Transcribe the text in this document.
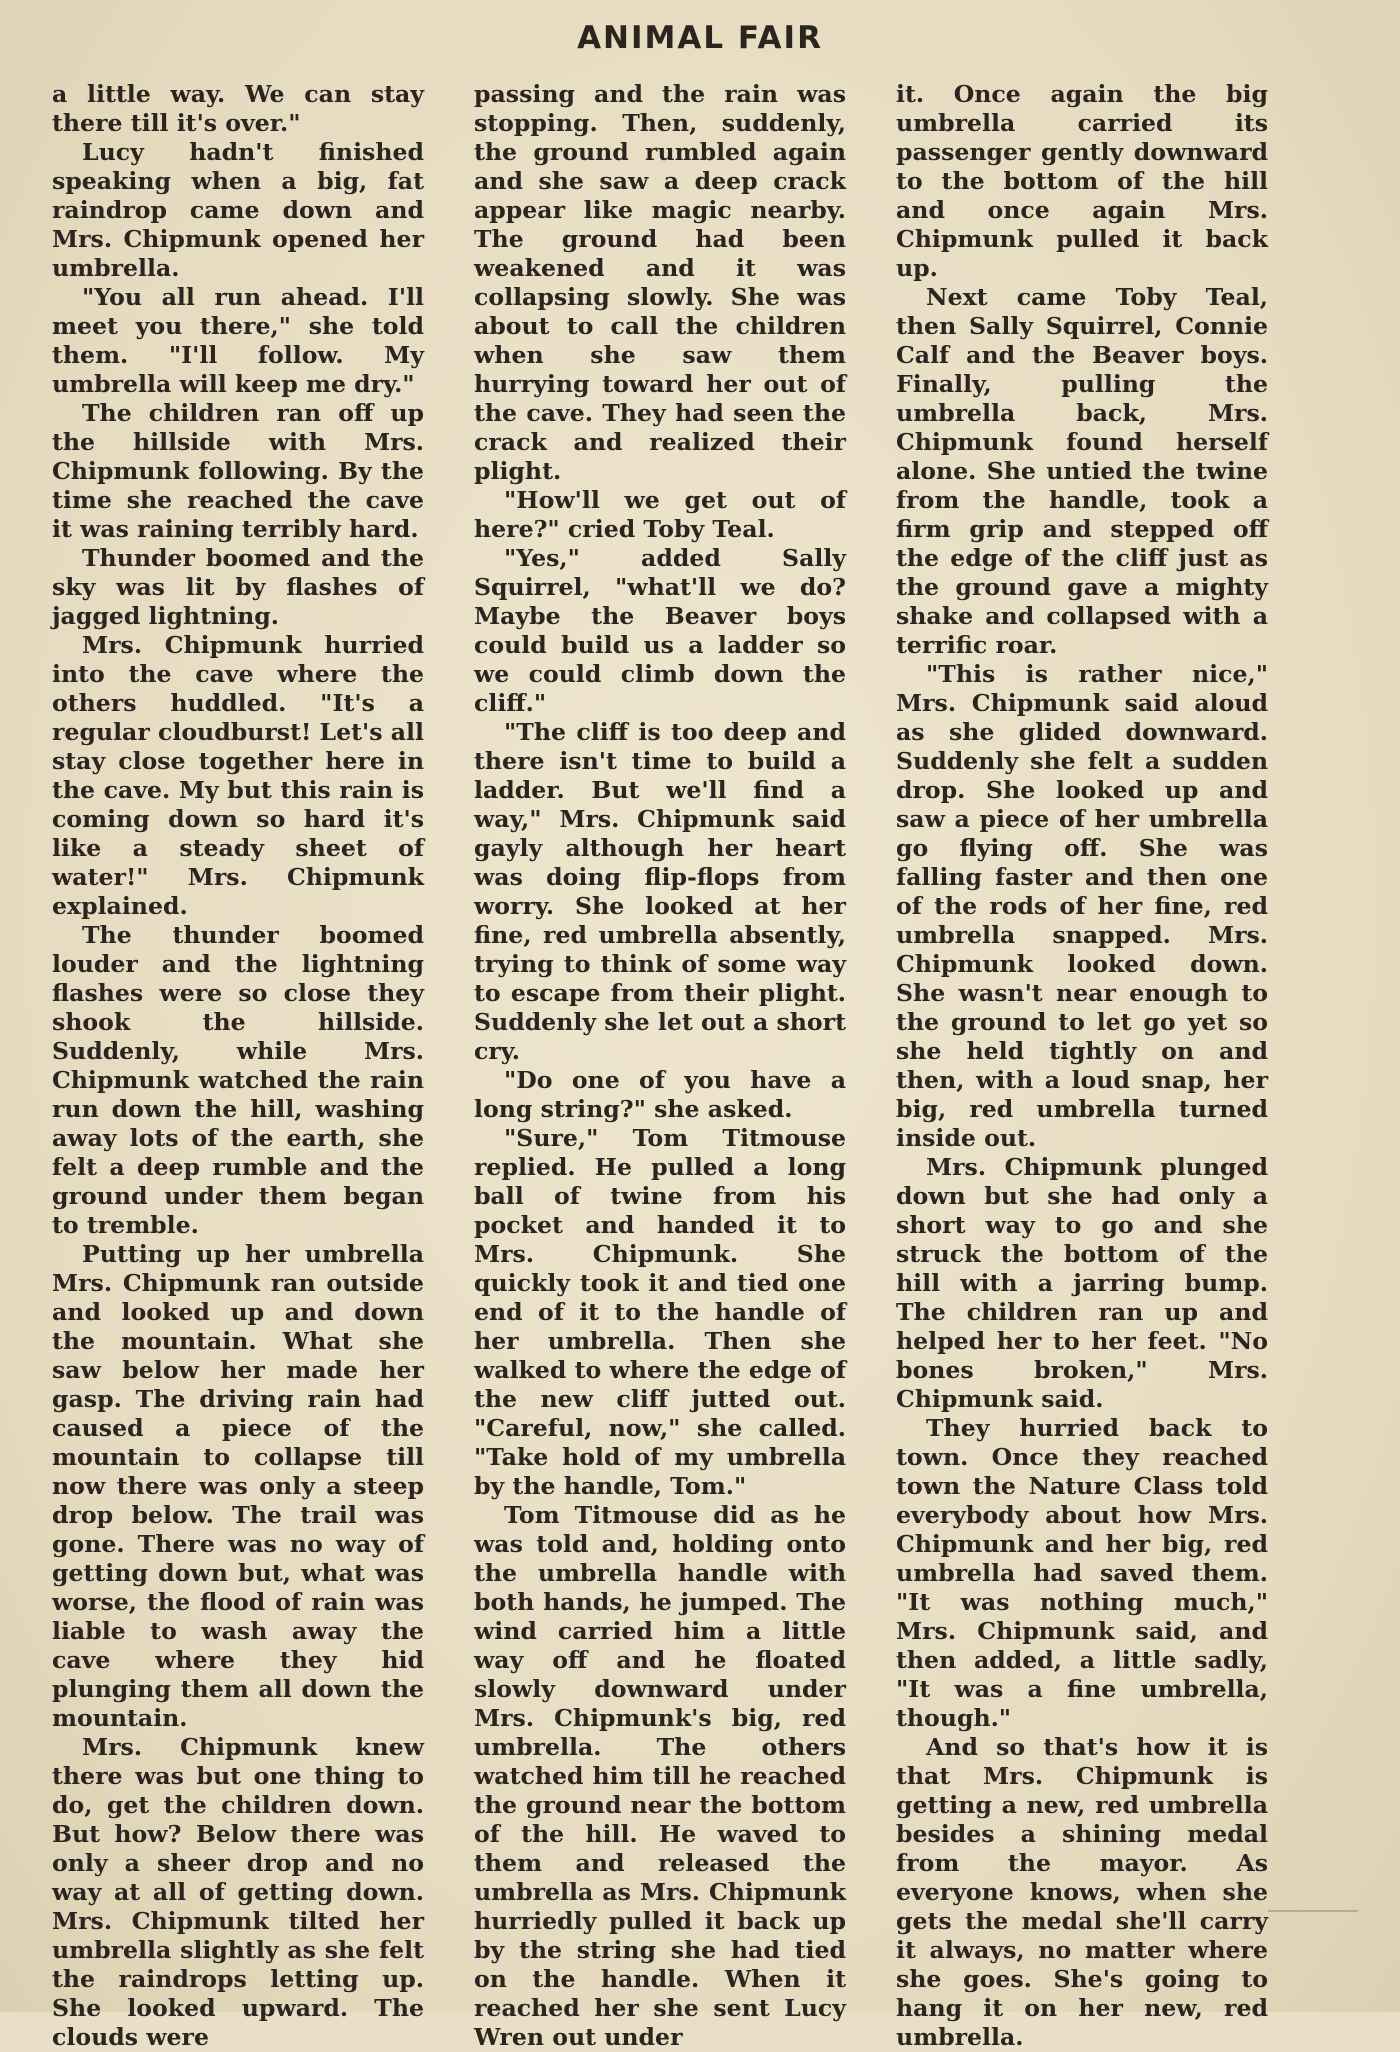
ANIMAL FAIR

a little way. We can stay there till it's over."

Lucy hadn't finished speaking when a big, fat raindrop came down and Mrs. Chipmunk opened her umbrella.

"You all run ahead. I'll meet you there," she told them. "I'll follow. My umbrella will keep me dry."

The children ran off up the hillside with Mrs. Chipmunk following. By the time she reached the cave it was raining terribly hard.

Thunder boomed and the sky was lit by flashes of jagged lightning.

Mrs. Chipmunk hurried into the cave where the others huddled. "It's a regular cloudburst! Let's all stay close together here in the cave. My but this rain is coming down so hard it's like a steady sheet of water!" Mrs. Chipmunk explained.

The thunder boomed louder and the lightning flashes were so close they shook the hillside. Suddenly, while Mrs. Chipmunk watched the rain run down the hill, washing away lots of the earth, she felt a deep rumble and the ground under them began to tremble.

Putting up her umbrella Mrs. Chipmunk ran outside and looked up and down the mountain. What she saw below her made her gasp. The driving rain had caused a piece of the mountain to collapse till now there was only a steep drop below. The trail was gone. There was no way of getting down but, what was worse, the flood of rain was liable to wash away the cave where they hid plunging them all down the mountain.

Mrs. Chipmunk knew there was but one thing to do, get the children down. But how? Below there was only a sheer drop and no way at all of getting down. Mrs. Chipmunk tilted her umbrella slightly as she felt the raindrops letting up. She looked upward. The clouds were

passing and the rain was stopping. Then, suddenly, the ground rumbled again and she saw a deep crack appear like magic nearby. The ground had been weakened and it was collapsing slowly. She was about to call the children when she saw them hurrying toward her out of the cave. They had seen the crack and realized their plight.

"How'll we get out of here?" cried Toby Teal.

"Yes," added Sally Squirrel, "what'll we do? Maybe the Beaver boys could build us a ladder so we could climb down the cliff."

"The cliff is too deep and there isn't time to build a ladder. But we'll find a way," Mrs. Chipmunk said gayly although her heart was doing flip-flops from worry. She looked at her fine, red umbrella absently, trying to think of some way to escape from their plight. Suddenly she let out a short cry.

"Do one of you have a long string?" she asked.

"Sure," Tom Titmouse replied. He pulled a long ball of twine from his pocket and handed it to Mrs. Chipmunk. She quickly took it and tied one end of it to the handle of her umbrella. Then she walked to where the edge of the new cliff jutted out. "Careful, now," she called. "Take hold of my umbrella by the handle, Tom."

Tom Titmouse did as he was told and, holding onto the umbrella handle with both hands, he jumped. The wind carried him a little way off and he floated slowly downward under Mrs. Chipmunk's big, red umbrella. The others watched him till he reached the ground near the bottom of the hill. He waved to them and released the umbrella as Mrs. Chipmunk hurriedly pulled it back up by the string she had tied on the handle. When it reached her she sent Lucy Wren out under

it. Once again the big umbrella carried its passenger gently downward to the bottom of the hill and once again Mrs. Chipmunk pulled it back up.

Next came Toby Teal, then Sally Squirrel, Connie Calf and the Beaver boys. Finally, pulling the umbrella back, Mrs. Chipmunk found herself alone. She untied the twine from the handle, took a firm grip and stepped off the edge of the cliff just as the ground gave a mighty shake and collapsed with a terrific roar.

"This is rather nice," Mrs. Chipmunk said aloud as she glided downward. Suddenly she felt a sudden drop. She looked up and saw a piece of her umbrella go flying off. She was falling faster and then one of the rods of her fine, red umbrella snapped. Mrs. Chipmunk looked down. She wasn't near enough to the ground to let go yet so she held tightly on and then, with a loud snap, her big, red umbrella turned inside out.

Mrs. Chipmunk plunged down but she had only a short way to go and she struck the bottom of the hill with a jarring bump. The children ran up and helped her to her feet. "No bones broken," Mrs. Chipmunk said.

They hurried back to town. Once they reached town the Nature Class told everybody about how Mrs. Chipmunk and her big, red umbrella had saved them. "It was nothing much," Mrs. Chipmunk said, and then added, a little sadly, "It was a fine umbrella, though."

And so that's how it is that Mrs. Chipmunk is getting a new, red umbrella besides a shining medal from the mayor. As everyone knows, when she gets the medal she'll carry it always, no matter where she goes. She's going to hang it on her new, red umbrella.
